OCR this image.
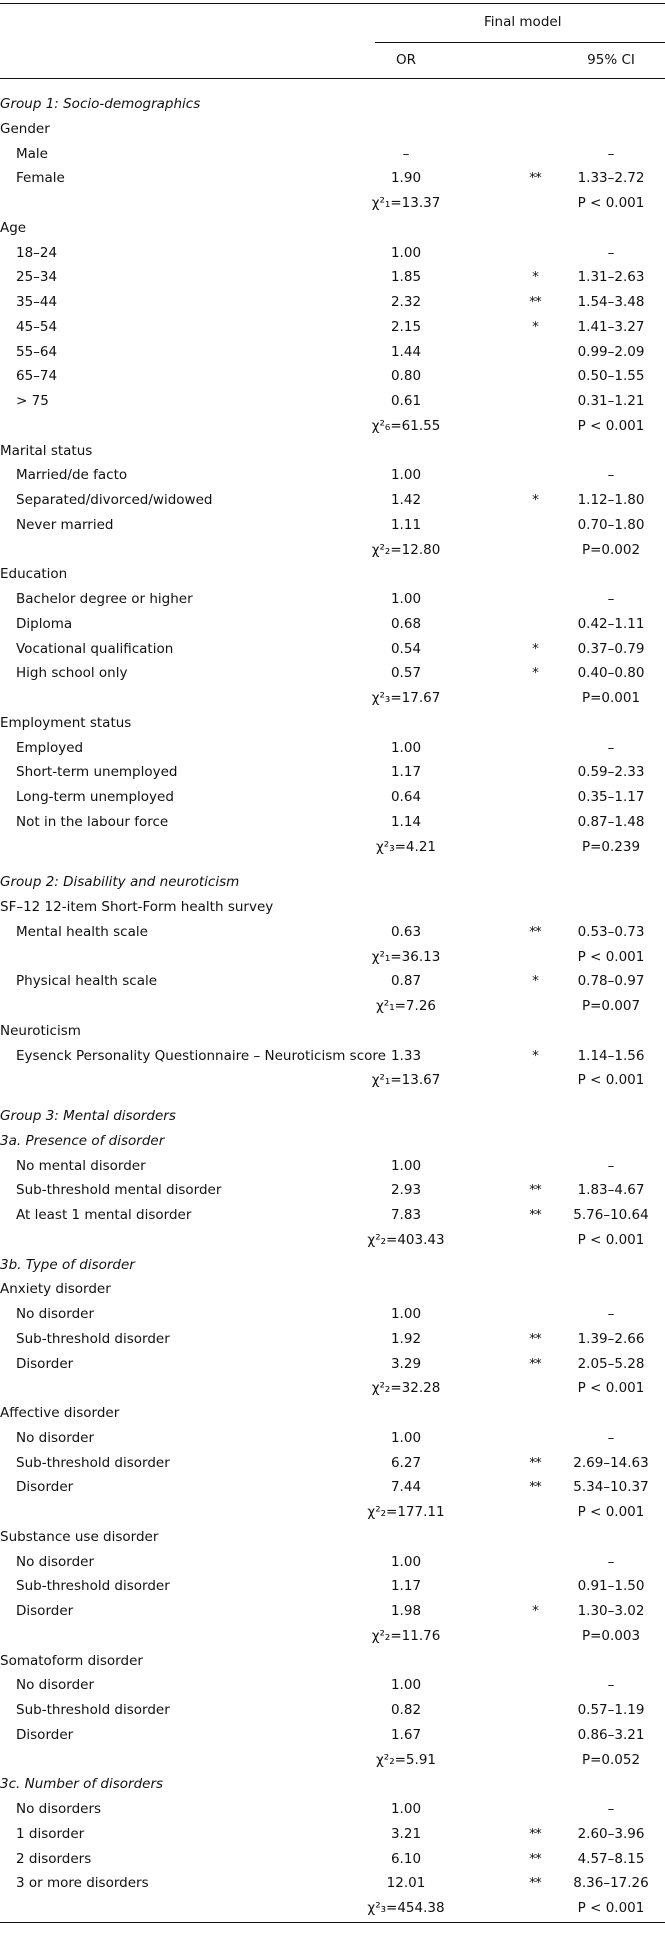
Final model
OR	95% CI
Group 1: Socio-demographics
Gender
Male	–	–
Female	1.90	**	1.33–2.72
χ²₁=13.37	P < 0.001
Age
18–24	1.00	–
25–34	1.85	*	1.31–2.63
35–44	2.32	**	1.54–3.48
45–54	2.15	*	1.41–3.27
55–64	1.44	0.99–2.09
65–74	0.80	0.50–1.55
> 75	0.61	0.31–1.21
χ²₆=61.55	P < 0.001
Marital status
Married/de facto	1.00	–
Separated/divorced/widowed	1.42	*	1.12–1.80
Never married	1.11	0.70–1.80
χ²₂=12.80	P=0.002
Education
Bachelor degree or higher	1.00	–
Diploma	0.68	0.42–1.11
Vocational qualification	0.54	*	0.37–0.79
High school only	0.57	*	0.40–0.80
χ²₃=17.67	P=0.001
Employment status
Employed	1.00	–
Short-term unemployed	1.17	0.59–2.33
Long-term unemployed	0.64	0.35–1.17
Not in the labour force	1.14	0.87–1.48
χ²₃=4.21	P=0.239
Group 2: Disability and neuroticism
SF–12 12-item Short-Form health survey
Mental health scale	0.63	**	0.53–0.73
χ²₁=36.13	P < 0.001
Physical health scale	0.87	*	0.78–0.97
χ²₁=7.26	P=0.007
Neuroticism
Eysenck Personality Questionnaire – Neuroticism score 1.33	*	1.14–1.56
χ²₁=13.67	P < 0.001
Group 3: Mental disorders
3a. Presence of disorder
No mental disorder	1.00	–
Sub-threshold mental disorder	2.93	**	1.83–4.67
At least 1 mental disorder	7.83	**	5.76–10.64
χ²₂=403.43	P < 0.001
3b. Type of disorder
Anxiety disorder
No disorder	1.00	–
Sub-threshold disorder	1.92	**	1.39–2.66
Disorder	3.29	**	2.05–5.28
χ²₂=32.28	P < 0.001
Affective disorder
No disorder	1.00	–
Sub-threshold disorder	6.27	**	2.69–14.63
Disorder	7.44	**	5.34–10.37
χ²₂=177.11	P < 0.001
Substance use disorder
No disorder	1.00	–
Sub-threshold disorder	1.17	0.91–1.50
Disorder	1.98	*	1.30–3.02
χ²₂=11.76	P=0.003
Somatoform disorder
No disorder	1.00	–
Sub-threshold disorder	0.82	0.57–1.19
Disorder	1.67	0.86–3.21
χ²₂=5.91	P=0.052
3c. Number of disorders
No disorders	1.00	–
1 disorder	3.21	**	2.60–3.96
2 disorders	6.10	**	4.57–8.15
3 or more disorders	12.01	**	8.36–17.26
χ²₃=454.38	P < 0.001
